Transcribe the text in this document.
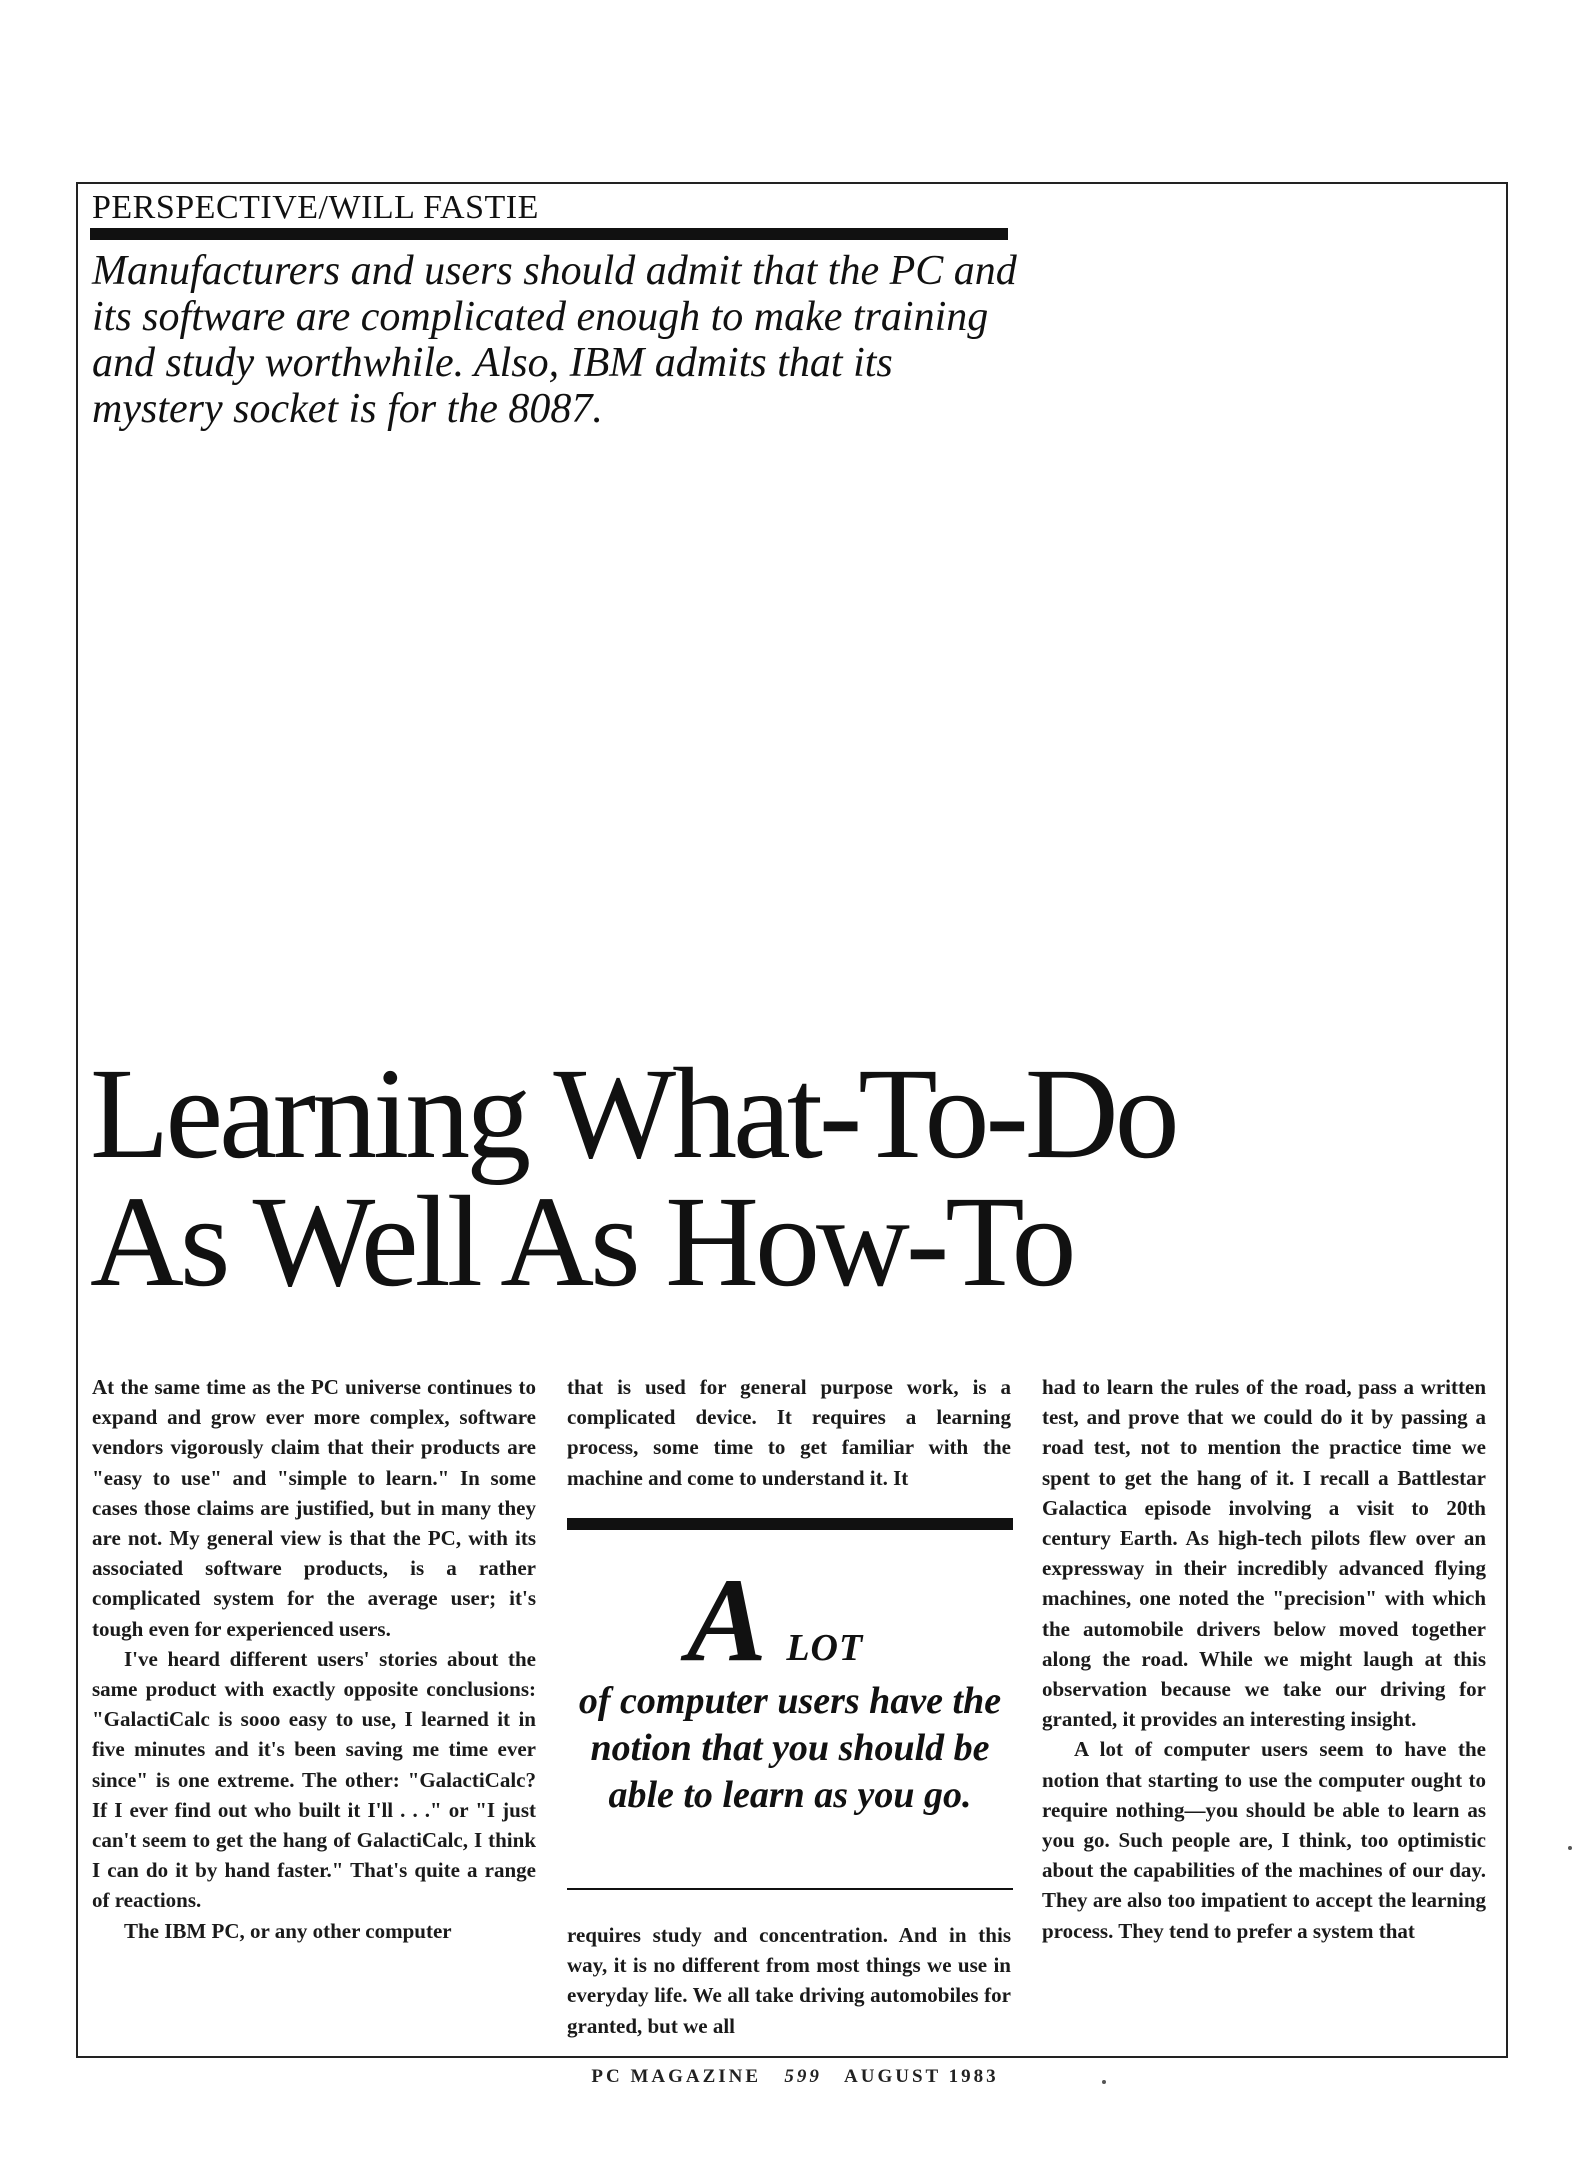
PERSPECTIVE/WILL FASTIE
Manufacturers and users should admit that the PC and its software are complicated enough to make training and study worthwhile. Also, IBM admits that its mystery socket is for the 8087.
Learning What-To-Do
As Well As How-To

At the same time as the PC universe continues to expand and grow ever more complex, software vendors vigorously claim that their products are "easy to use" and "simple to learn." In some cases those claims are justified, but in many they are not. My general view is that the PC, with its associated software products, is a rather complicated system for the average user; it's tough even for experienced users.

I've heard different users' stories about the same product with exactly opposite conclusions: "GalactiCalc is sooo easy to use, I learned it in five minutes and it's been saving me time ever since" is one extreme. The other: "GalactiCalc? If I ever find out who built it I'll . . ." or "I just can't seem to get the hang of GalactiCalc, I think I can do it by hand faster." That's quite a range of reactions.

The IBM PC, or any other computer

that is used for general purpose work, is a complicated device. It requires a learning process, some time to get familiar with the machine and come to understand it. It

A LOT
of computer users have the notion that you should be able to learn as you go.

requires study and concentration. And in this way, it is no different from most things we use in everyday life. We all take driving automobiles for granted, but we all

had to learn the rules of the road, pass a written test, and prove that we could do it by passing a road test, not to mention the practice time we spent to get the hang of it. I recall a Battlestar Galactica episode involving a visit to 20th century Earth. As high-tech pilots flew over an expressway in their incredibly advanced flying machines, one noted the "precision" with which the automobile drivers below moved together along the road. While we might laugh at this observation because we take our driving for granted, it provides an interesting insight.

A lot of computer users seem to have the notion that starting to use the computer ought to require nothing—you should be able to learn as you go. Such people are, I think, too optimistic about the capabilities of the machines of our day. They are also too impatient to accept the learning process. They tend to prefer a system that

PC MAGAZINE 599 AUGUST 1983
